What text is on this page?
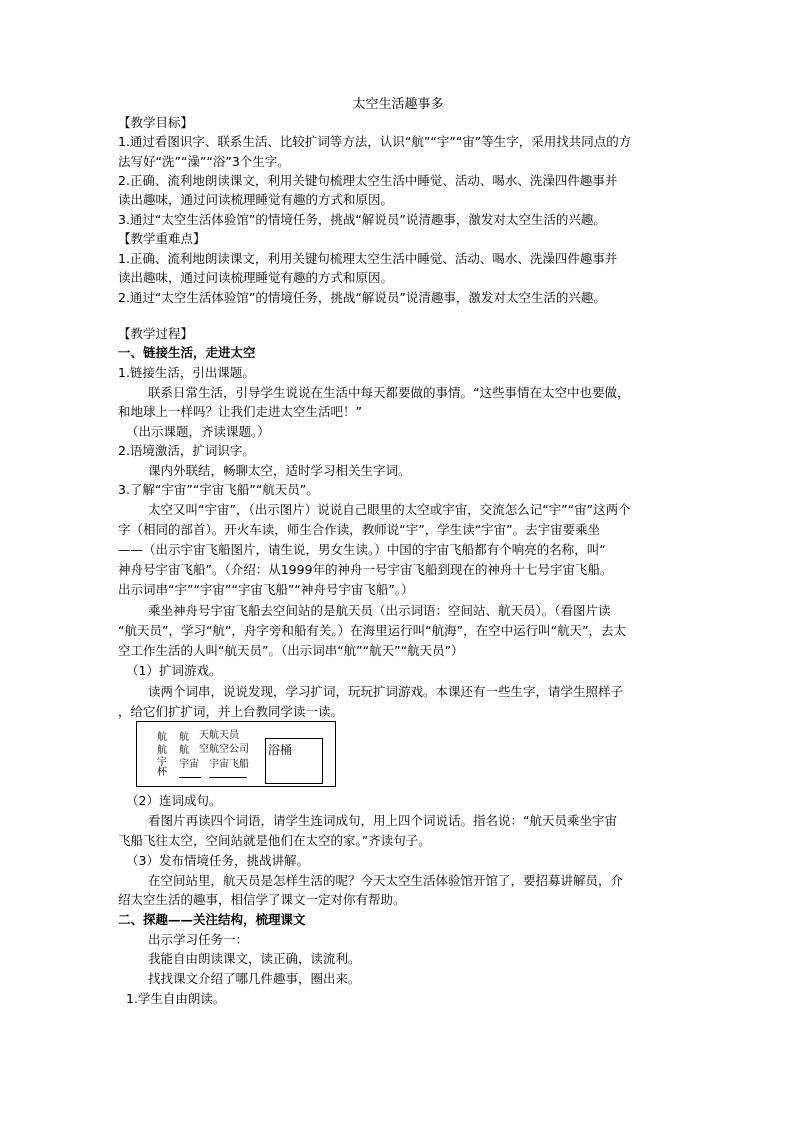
太空生活趣事多
【教学目标】
1.通过看图识字、联系生活、比较扩词等方法，认识“航”“宇”“宙”等生字，采用找共同点的方
法写好“洗”“澡”“浴”3个生字。
2.正确、流利地朗读课文，利用关键句梳理太空生活中睡觉、活动、喝水、洗澡四件趣事并
读出趣味，通过问读梳理睡觉有趣的方式和原因。
3.通过“太空生活体验馆”的情境任务，挑战“解说员”说清趣事，激发对太空生活的兴趣。
【教学重难点】
1.正确、流利地朗读课文，利用关键句梳理太空生活中睡觉、活动、喝水、洗澡四件趣事并
读出趣味，通过问读梳理睡觉有趣的方式和原因。
2.通过“太空生活体验馆”的情境任务，挑战“解说员”说清趣事，激发对太空生活的兴趣。
【教学过程】
一、链接生活，走进太空
1.链接生活，引出课题。
联系日常生活，引导学生说说在生活中每天都要做的事情。“这些事情在太空中也要做，
和地球上一样吗？让我们走进太空生活吧！”
（出示课题，齐读课题。）
2.语境激活，扩词识字。
课内外联结，畅聊太空，适时学习相关生字词。
3.了解“宇宙”“宇宙飞船”“航天员”。
太空又叫“宇宙”，（出示图片）说说自己眼里的太空或宇宙，交流怎么记“宇”“宙”这两个
字（相同的部首）。开火车读，师生合作读，教师说“宇”，学生读“宇宙”。去宇宙要乘坐
——（出示宇宙飞船图片，请生说，男女生读。）中国的宇宙飞船都有个响亮的名称，叫“
神舟号宇宙飞船”。（介绍：从1999年的神舟一号宇宙飞船到现在的神舟十七号宇宙飞船。
出示词串“宇”“宇宙”“宇宙飞船”“神舟号宇宙飞船”。）
乘坐神舟号宇宙飞船去空间站的是航天员（出示词语：空间站、航天员）。（看图片读
“航天员”，学习“航”，舟字旁和船有关。）在海里运行叫“航海”，在空中运行叫“航天”，去太
空工作生活的人叫“航天员”。（出示词串“航”“航天”“航天员”）
（1）扩词游戏。
读两个词串，说说发现，学习扩词，玩玩扩词游戏。本课还有一些生字，请学生照样子
，给它们扩扩词，并上台教同学读一读。
航
航
宇
杯
航
航
宇宙
天航天员
空航空公司
宇宙飞船
浴桶
（2）连词成句。
看图片再读四个词语，请学生连词成句，用上四个词说话。指名说：“航天员乘坐宇宙
飞船飞往太空，空间站就是他们在太空的家。”齐读句子。
（3）发布情境任务，挑战讲解。
在空间站里，航天员是怎样生活的呢？今天太空生活体验馆开馆了，要招募讲解员，介
绍太空生活的趣事，相信学了课文一定对你有帮助。
二、探趣——关注结构，梳理课文
出示学习任务一：
我能自由朗读课文，读正确，读流利。
找找课文介绍了哪几件趣事，圈出来。
1.学生自由朗读。
